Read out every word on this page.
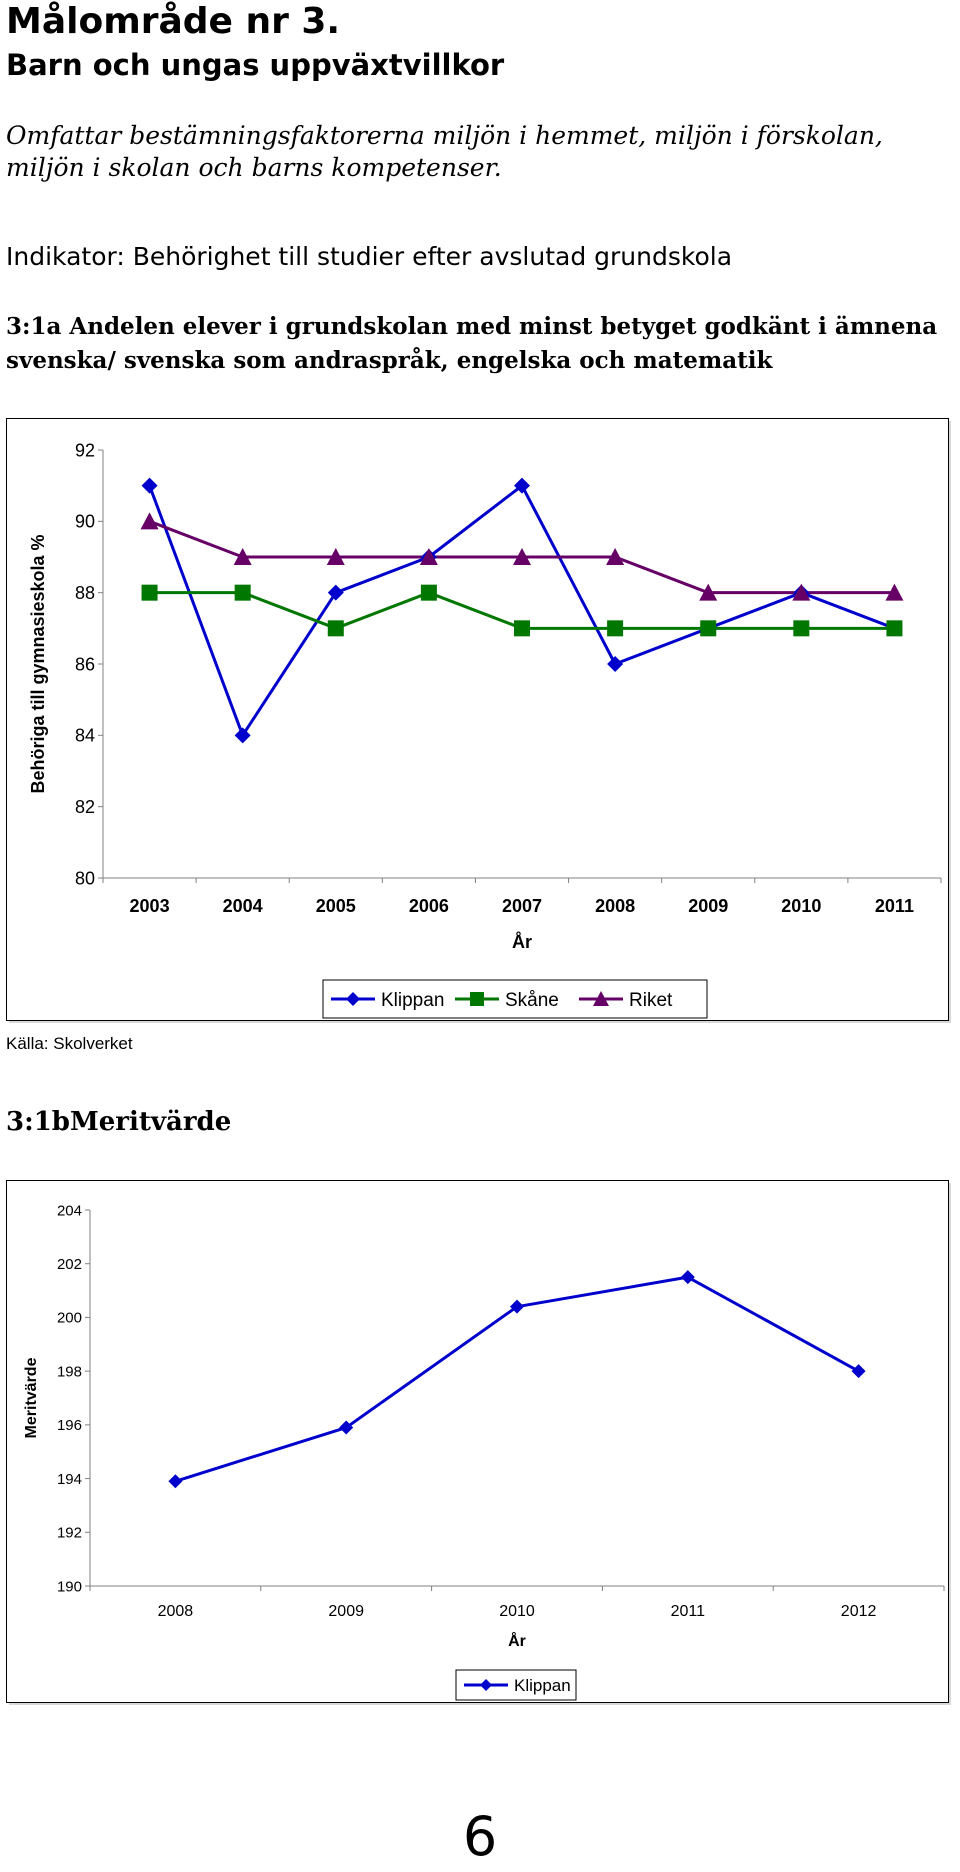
Målområde nr 3.
Barn och ungas uppväxtvillkor
Omfattar bestämningsfaktorerna miljön i hemmet, miljön i förskolan, miljön i skolan och barns kompetenser.
Indikator: Behörighet till studier efter avslutad grundskola
3:1a Andelen elever i grundskolan med minst betyget godkänt i ämnena svenska/ svenska som andraspråk, engelska och matematik
80
82
84
86
88
90
92
2003	2004	2005	2006	2007	2008	2009	2010	2011
År
Behöriga till gymnasieskola %
Klippan	Skåne	Riket
Källa: Skolverket
3:1bMeritvärde
190
192
194
196
198
200
202
204
2008	2009	2010	2011	2012
År
Meritvärde
Klippan
6
